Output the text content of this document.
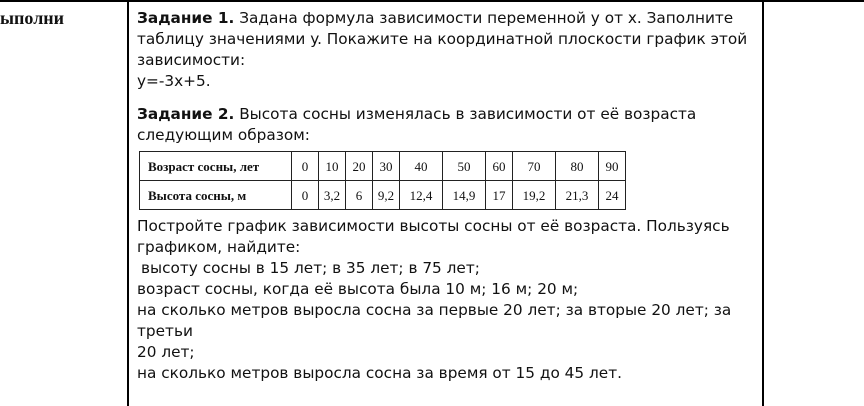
ыполни	Задание 1. Задана формула зависимости переменной y от x. Заполните

таблицу значениями y. Покажите на координатной плоскости график этой

зависимости:

y=-3x+5.

Задание 2. Высота сосны изменялась в зависимости от её возраста

следующим образом:

Возраст сосны, лет	0	10	20	30	40	50	60	70	80	90
Высота сосны, м	0	3,2	6	9,2	12,4	14,9	17	19,2	21,3	24

Постройте график зависимости высоты сосны от её возраста. Пользуясь

графиком, найдите:

высоту сосны в 15 лет; в 35 лет; в 75 лет;

возраст сосны, когда её высота была 10 м; 16 м; 20 м;

на сколько метров выросла сосна за первые 20 лет; за вторые 20 лет; за третьи

20 лет;

на сколько метров выросла сосна за время от 15 до 45 лет.
